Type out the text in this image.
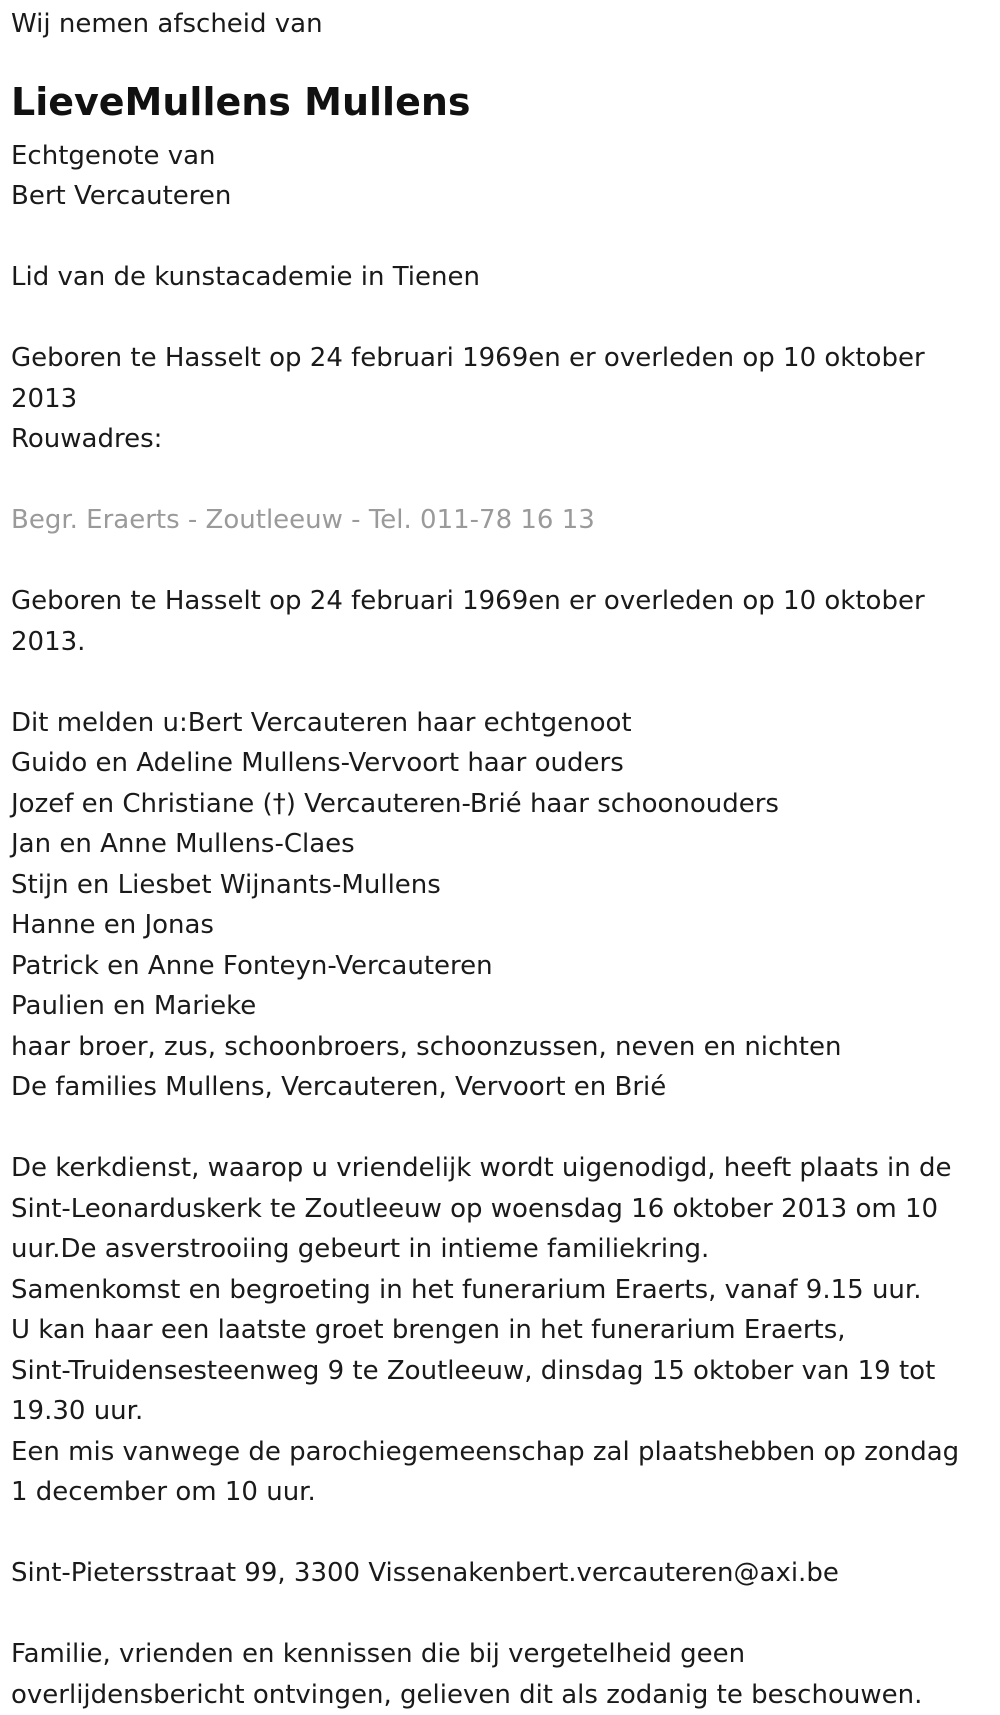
Wij nemen afscheid van
LieveMullens Mullens
Echtgenote van
Bert Vercauteren
Lid van de kunstacademie in Tienen
Geboren te Hasselt op 24 februari 1969en er overleden op 10 oktober
2013
Rouwadres:
Begr. Eraerts - Zoutleeuw - Tel. 011-78 16 13
Geboren te Hasselt op 24 februari 1969en er overleden op 10 oktober
2013.
Dit melden u:Bert Vercauteren haar echtgenoot
Guido en Adeline Mullens-Vervoort haar ouders
Jozef en Christiane (†) Vercauteren-Brié haar schoonouders
Jan en Anne Mullens-Claes
Stijn en Liesbet Wijnants-Mullens
Hanne en Jonas
Patrick en Anne Fonteyn-Vercauteren
Paulien en Marieke
haar broer, zus, schoonbroers, schoonzussen, neven en nichten
De families Mullens, Vercauteren, Vervoort en Brié
De kerkdienst, waarop u vriendelijk wordt uigenodigd, heeft plaats in de
Sint-Leonarduskerk te Zoutleeuw op woensdag 16 oktober 2013 om 10
uur.De asverstrooiing gebeurt in intieme familiekring.
Samenkomst en begroeting in het funerarium Eraerts, vanaf 9.15 uur.
U kan haar een laatste groet brengen in het funerarium Eraerts,
Sint-Truidensesteenweg 9 te Zoutleeuw, dinsdag 15 oktober van 19 tot
19.30 uur.
Een mis vanwege de parochiegemeenschap zal plaatshebben op zondag
1 december om 10 uur.
Sint-Pietersstraat 99, 3300 Vissenakenbert.vercauteren@axi.be
Familie, vrienden en kennissen die bij vergetelheid geen
overlijdensbericht ontvingen, gelieven dit als zodanig te beschouwen.
